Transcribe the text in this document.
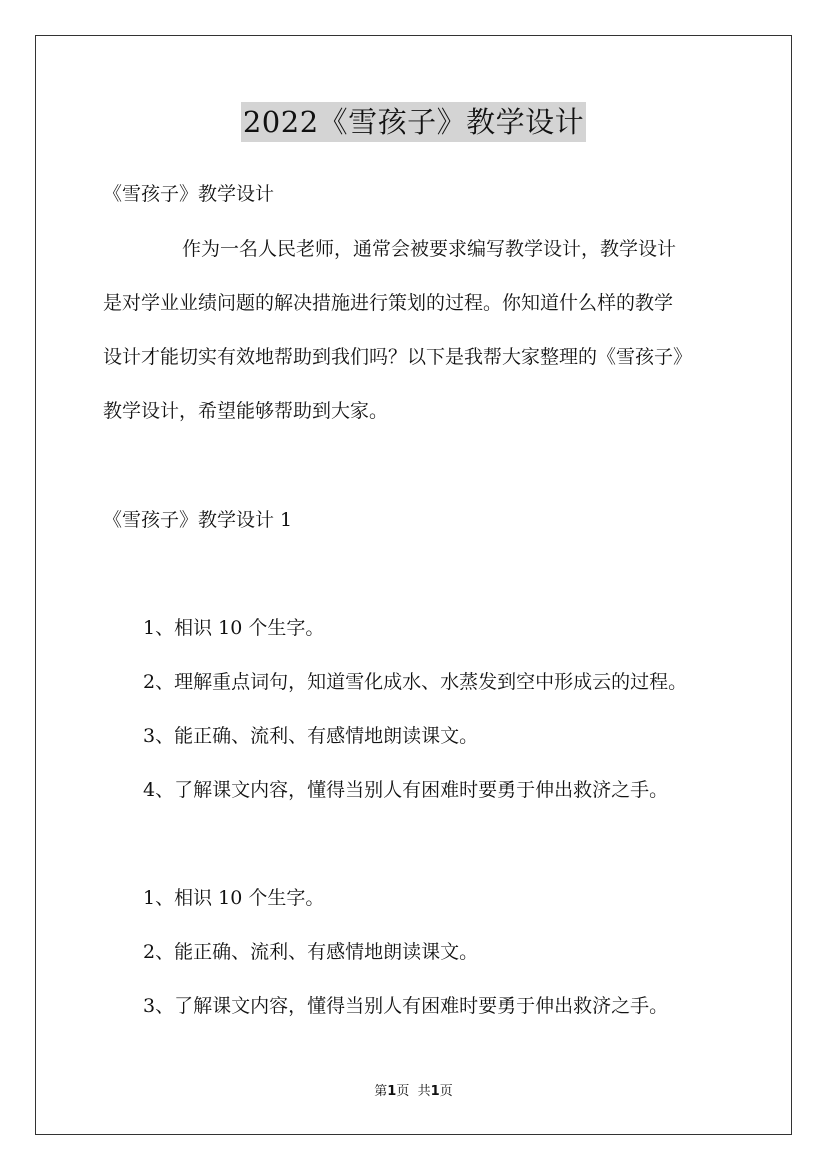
2022《雪孩子》教学设计

《雪孩子》教学设计

作为一名人民老师，通常会被要求编写教学设计，教学设计

是对学业业绩问题的解决措施进行策划的过程。你知道什么样的教学

设计才能切实有效地帮助到我们吗？以下是我帮大家整理的《雪孩子》

教学设计，希望能够帮助到大家。

《雪孩子》教学设计 1

1、相识 10 个生字。

2、理解重点词句，知道雪化成水、水蒸发到空中形成云的过程。

3、能正确、流利、有感情地朗读课文。

4、了解课文内容，懂得当别人有困难时要勇于伸出救济之手。

1、相识 10 个生字。

2、能正确、流利、有感情地朗读课文。

3、了解课文内容，懂得当别人有困难时要勇于伸出救济之手。

第1页 共1页
